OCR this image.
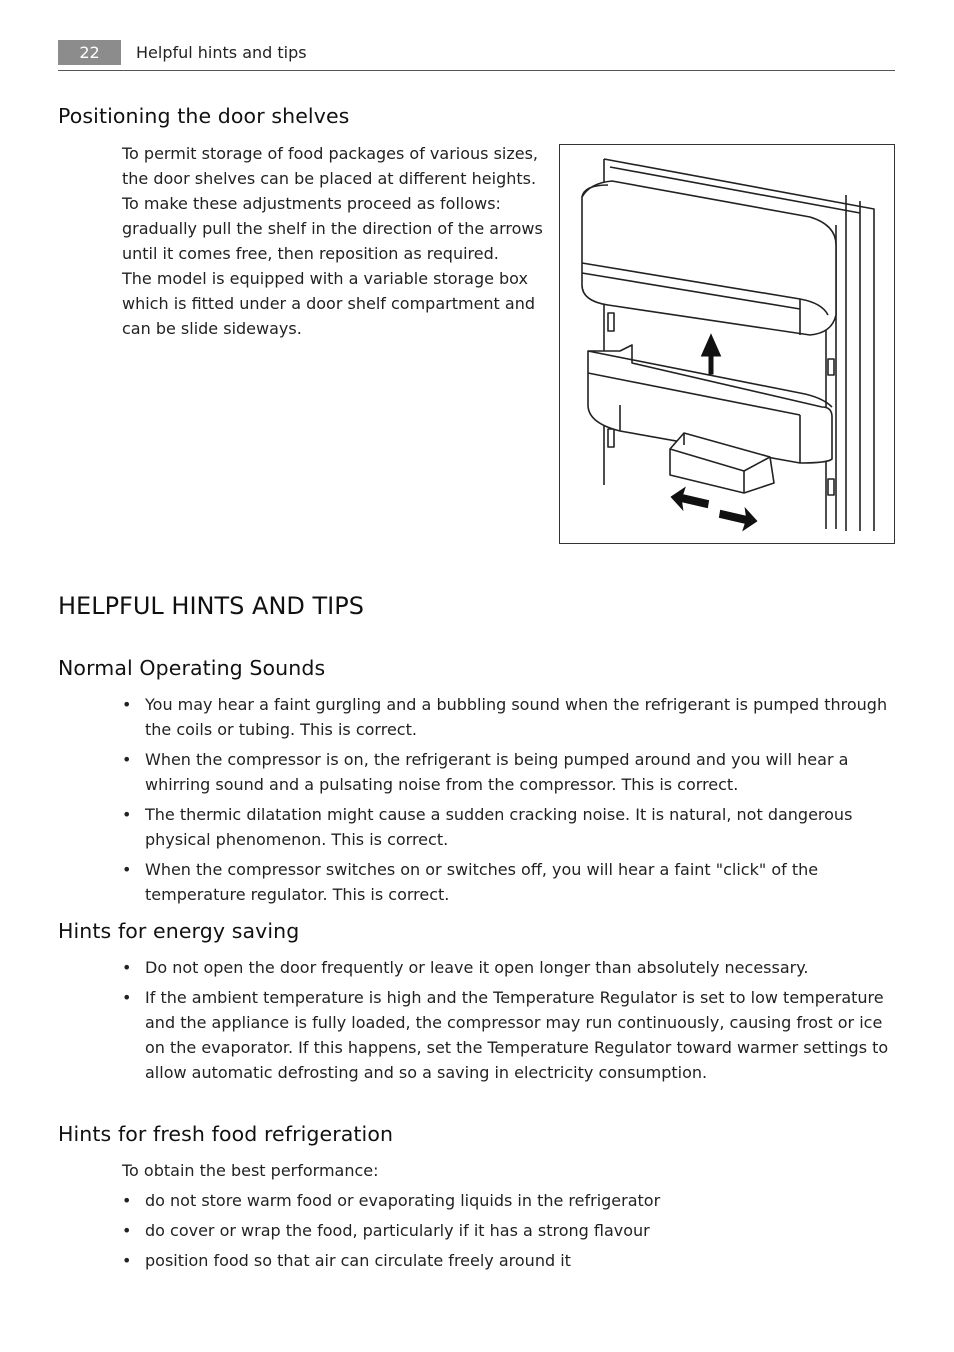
22	Helpful hints and tips
Positioning the door shelves

To permit storage of food packages of various sizes, the door shelves can be placed at different heights.

To make these adjustments proceed as follows: gradually pull the shelf in the direction of the arrows until it comes free, then reposition as required.

The model is equipped with a variable storage box which is fitted under a door shelf compartment and can be slide sideways.

HELPFUL HINTS AND TIPS
Normal Operating Sounds
• You may hear a faint gurgling and a bubbling sound when the refrigerant is pumped through the coils or tubing. This is correct.
• When the compressor is on, the refrigerant is being pumped around and you will hear a whirring sound and a pulsating noise from the compressor. This is correct.
• The thermic dilatation might cause a sudden cracking noise. It is natural, not dangerous physical phenomenon. This is correct.
• When the compressor switches on or switches off, you will hear a faint "click" of the temperature regulator. This is correct.
Hints for energy saving
• Do not open the door frequently or leave it open longer than absolutely necessary.
• If the ambient temperature is high and the Temperature Regulator is set to low temperature and the appliance is fully loaded, the compressor may run continuously, causing frost or ice on the evaporator. If this happens, set the Temperature Regulator toward warmer settings to allow automatic defrosting and so a saving in electricity consumption.
Hints for fresh food refrigeration

To obtain the best performance:

• do not store warm food or evaporating liquids in the refrigerator
• do cover or wrap the food, particularly if it has a strong flavour
• position food so that air can circulate freely around it
